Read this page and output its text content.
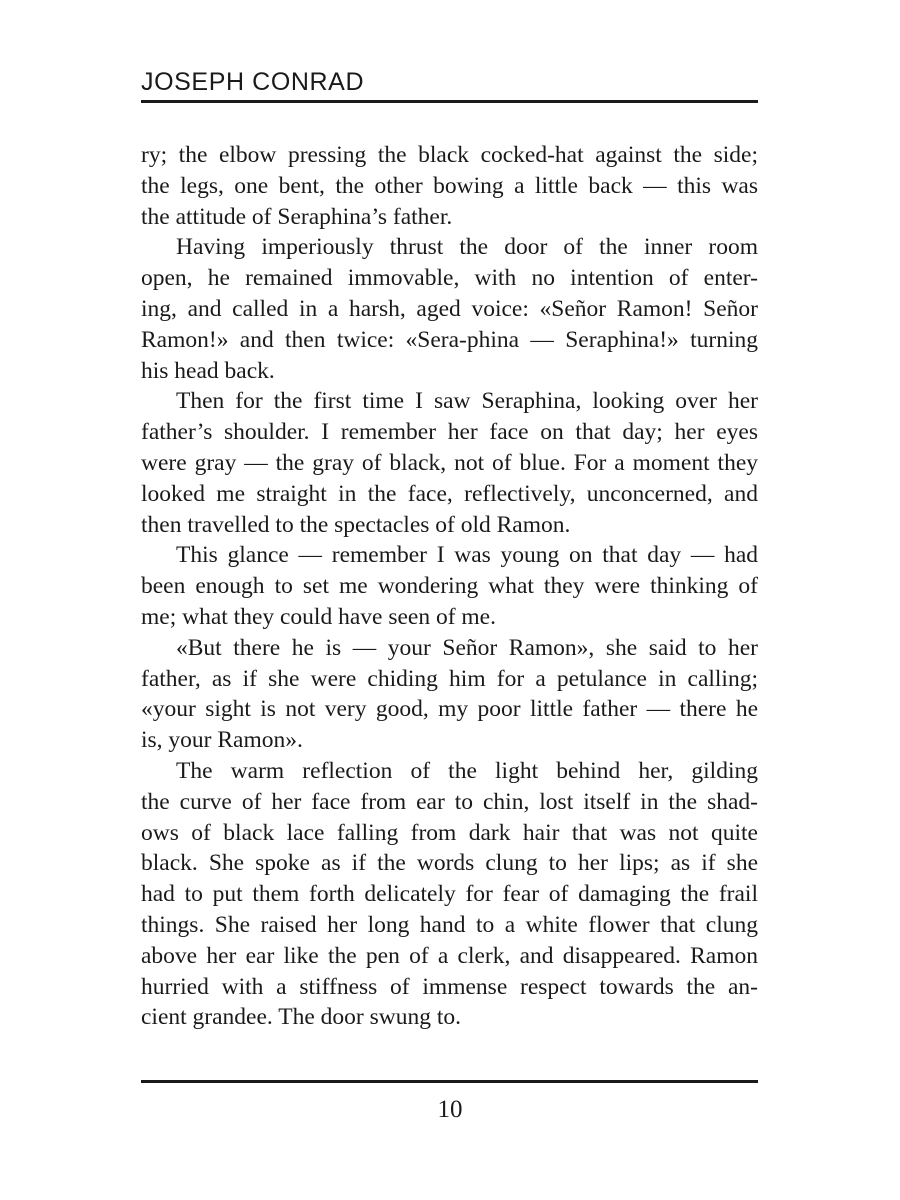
JOSEPH CONRAD
ry; the elbow pressing the black cocked-hat against the side;
the legs, one bent, the other bowing a little back — this was
the attitude of Seraphina’s father.
Having imperiously thrust the door of the inner room
open, he remained immovable, with no intention of enter-
ing, and called in a harsh, aged voice: «Señor Ramon! Señor
Ramon!» and then twice: «Sera-phina — Seraphina!» turning
his head back.
Then for the first time I saw Seraphina, looking over her
father’s shoulder. I remember her face on that day; her eyes
were gray — the gray of black, not of blue. For a moment they
looked me straight in the face, reflectively, unconcerned, and
then travelled to the spectacles of old Ramon.
This glance — remember I was young on that day — had
been enough to set me wondering what they were thinking of
me; what they could have seen of me.
«But there he is — your Señor Ramon», she said to her
father, as if she were chiding him for a petulance in calling;
«your sight is not very good, my poor little father — there he
is, your Ramon».
The warm reflection of the light behind her, gilding
the curve of her face from ear to chin, lost itself in the shad-
ows of black lace falling from dark hair that was not quite
black. She spoke as if the words clung to her lips; as if she
had to put them forth delicately for fear of damaging the frail
things. She raised her long hand to a white flower that clung
above her ear like the pen of a clerk, and disappeared. Ramon
hurried with a stiffness of immense respect towards the an-
cient grandee. The door swung to.
10
